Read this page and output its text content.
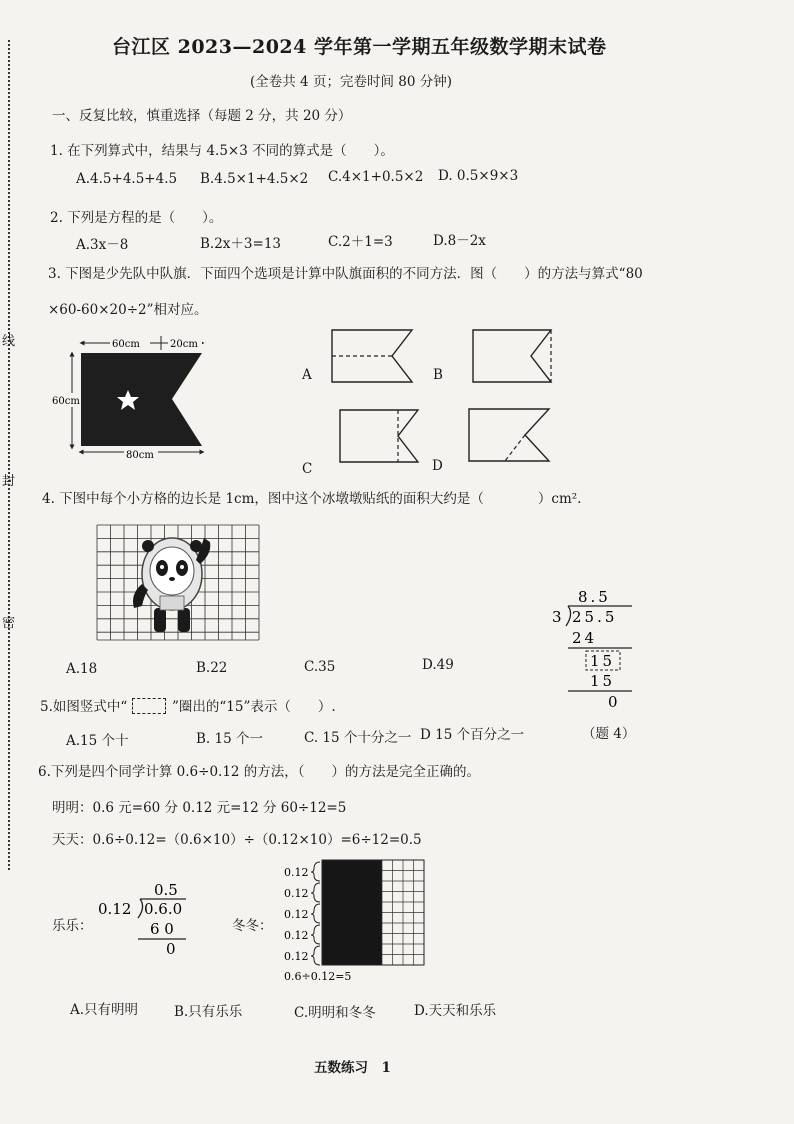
线
封
密
台江区 2023—2024 学年第一学期五年级数学期末试卷
(全卷共 4 页；完卷时间 80 分钟)
一、反复比较，慎重选择（每题 2 分，共 20 分）
1. 在下列算式中，结果与 4.5×3 不同的算式是（　　）。
A.4.5+4.5+4.5 B.4.5×1+4.5×2 C.4×1+0.5×2 D. 0.5×9×3
2. 下列是方程的是（　　）。
A.3x－8	B.2x＋3=13	C.2＋1=3	D.8－2x
3. 下图是少先队中队旗．下面四个选项是计算中队旗面积的不同方法．图（　　）的方法与算式“80
×60-60×20÷2”相对应。
60cm	20cm
60cm
80cm
A	B
C	D
4. 下图中每个小方格的边长是 1cm，图中这个冰墩墩贴纸的面积大约是（　　　　）cm².
A.18	B.22	C.35	D.49
8.5
3 25.5
24
15
15
0
5.如图竖式中“	”圈出的“15”表示（　　）.
（题 4）
A.15 个十	B. 15 个一	C. 15 个十分之一 D 15 个百分之一
6.下列是四个同学计算 0.6÷0.12 的方法，（　　）的方法是完全正确的。
明明：0.6 元=60 分 0.12 元=12 分 60÷12=5
天天：0.6÷0.12=（0.6×10）÷（0.12×10）=6÷12=0.5
乐乐：
0.5
0.12 0.6.0
6 0
0
冬冬：
0.12
0.12
0.12
0.12
0.12
0.6÷0.12=5
A.只有明明	B.只有乐乐	C.明明和冬冬	D.天天和乐乐
五数练习　1
